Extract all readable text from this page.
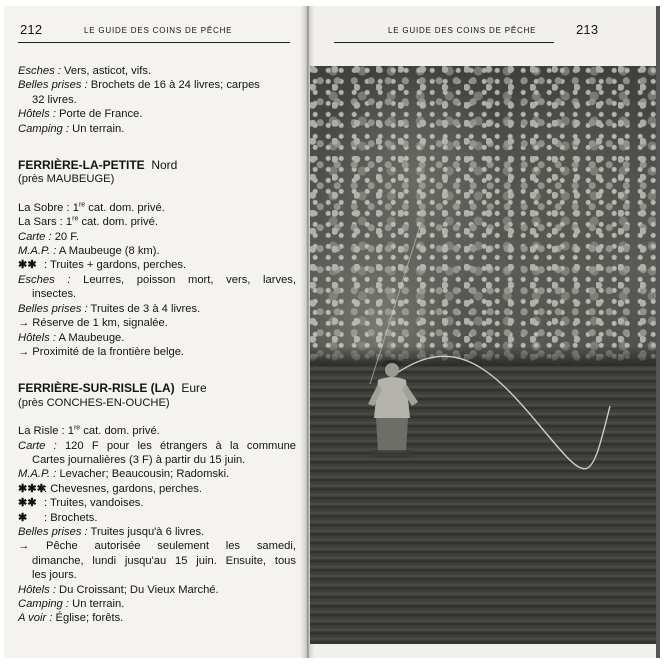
212	LE GUIDE DES COINS DE PÊCHE
Esches : Vers, asticot, vifs.
Belles prises : Brochets de 16 à 24 livres; carpes
32 livres.
Hôtels : Porte de France.
Camping : Un terrain.
FERRIÈRE-LA-PETITE Nord
(près MAUBEUGE)
La Sobre : 1re cat. dom. privé.
La Sars : 1re cat. dom. privé.
Carte : 20 F.
M.A.P. : A Maubeuge (8 km).
✱✱ : Truites + gardons, perches.
Esches : Leurres, poisson mort, vers, larves,
insectes.
Belles prises : Truites de 3 à 4 livres.
→ Réserve de 1 km, signalée.
Hôtels : A Maubeuge.
→ Proximité de la frontière belge.
FERRIÈRE-SUR-RISLE (LA) Eure
(près CONCHES-EN-OUCHE)
La Risle : 1re cat. dom. privé.
Carte : 120 F pour les étrangers à la commune
Cartes journalières (3 F) à partir du 15 juin.
M.A.P. : Levacher; Beaucousin; Radomski.
✱✱✱: Chevesnes, gardons, perches.
✱✱ : Truites, vandoises.
✱ : Brochets.
Belles prises : Truites jusqu'à 6 livres.
→ Pêche autorisée seulement les samedi,
dimanche, lundi jusqu'au 15 juin. Ensuite, tous
les jours.
Hôtels : Du Croissant; Du Vieux Marché.
Camping : Un terrain.
A voir : Église; forêts.
LE GUIDE DES COINS DE PÊCHE	213
